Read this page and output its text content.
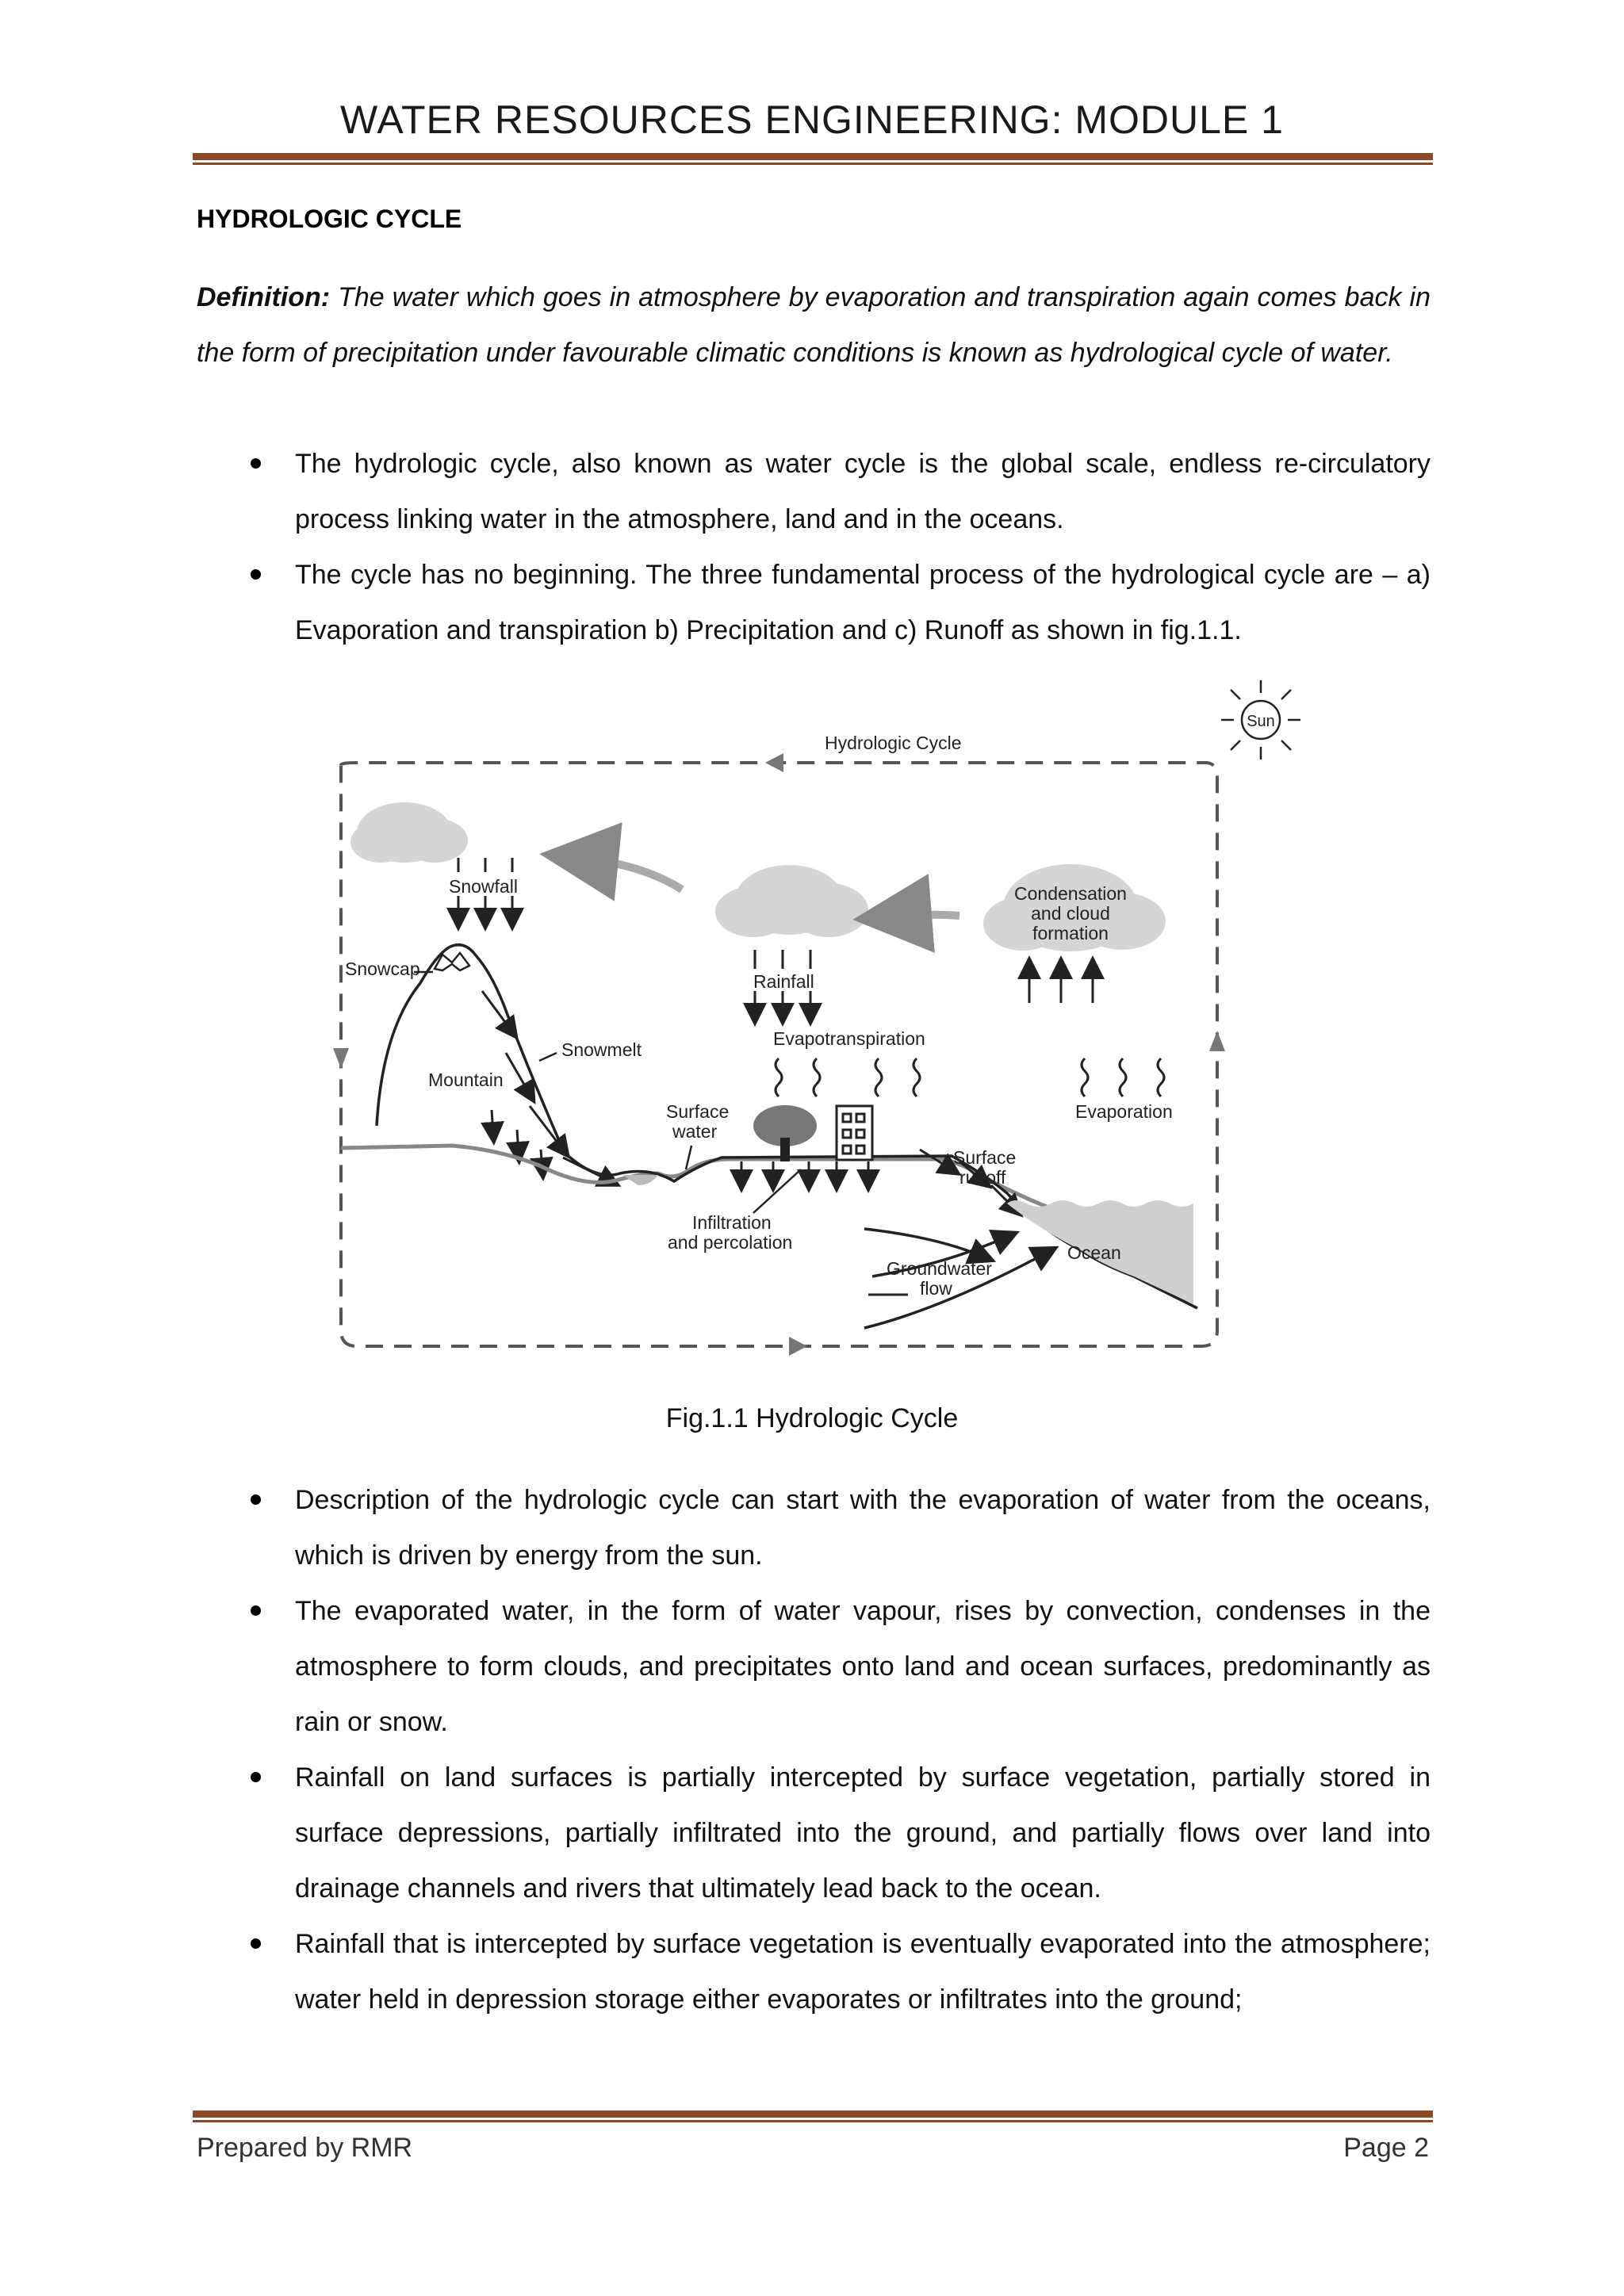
WATER RESOURCES ENGINEERING: MODULE 1
HYDROLOGIC CYCLE
Definition: The water which goes in atmosphere by evaporation and transpiration again comes back in the form of precipitation under favourable climatic conditions is known as hydrological cycle of water.
The hydrologic cycle, also known as water cycle is the global scale, endless re-circulatory process linking water in the atmosphere, land and in the oceans.
The cycle has no beginning. The three fundamental process of the hydrological cycle are – a) Evaporation and transpiration b) Precipitation and c) Runoff as shown in fig.1.1.
Hydrologic Cycle
Sun
Snowfall
Rainfall
Condensation
and cloud
formation
Evapotranspiration
Evaporation
Snowcap
Mountain
Snowmelt
Surface
water
Infiltration
and percolation
Surface
runoff
Ocean
Groundwater
flow
Fig.1.1 Hydrologic Cycle
Description of the hydrologic cycle can start with the evaporation of water from the oceans, which is driven by energy from the sun.
The evaporated water, in the form of water vapour, rises by convection, condenses in the atmosphere to form clouds, and precipitates onto land and ocean surfaces, predominantly as rain or snow.
Rainfall on land surfaces is partially intercepted by surface vegetation, partially stored in surface depressions, partially infiltrated into the ground, and partially flows over land into drainage channels and rivers that ultimately lead back to the ocean.
Rainfall that is intercepted by surface vegetation is eventually evaporated into the atmosphere; water held in depression storage either evaporates or infiltrates into the ground;
Prepared by RMR	Page 2
